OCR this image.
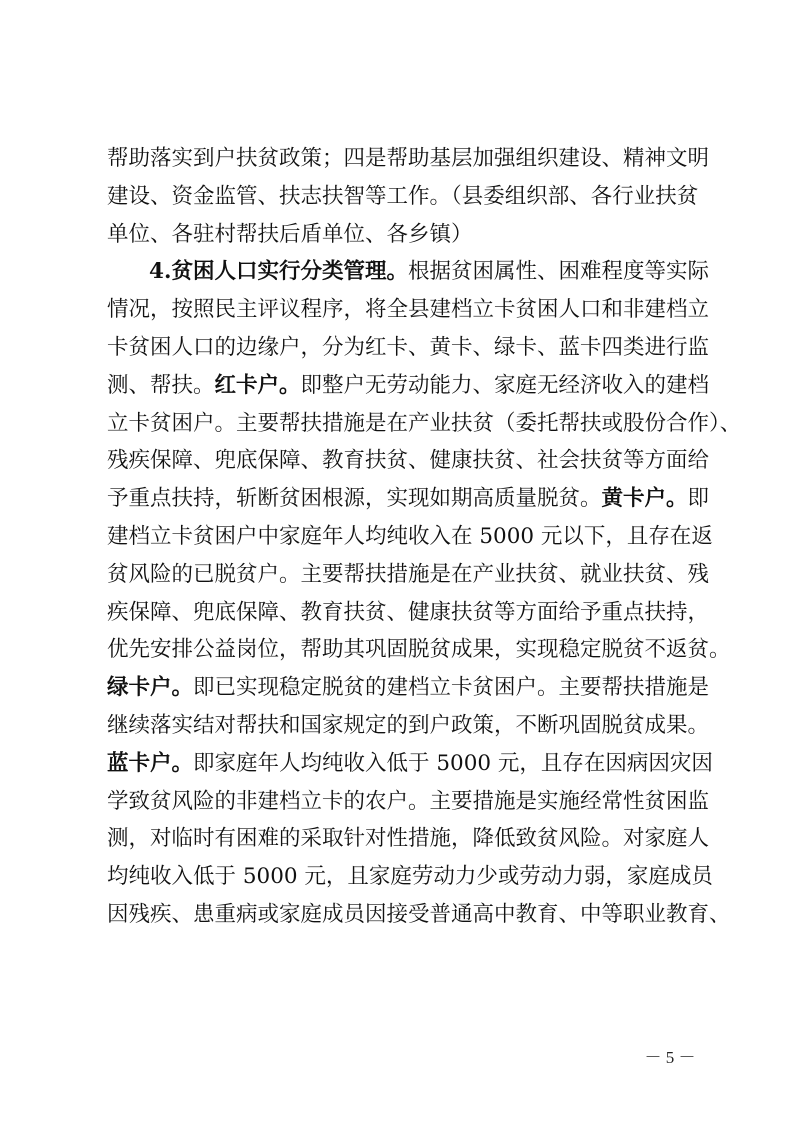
帮助落实到户扶贫政策；四是帮助基层加强组织建设、精神文明
建设、资金监管、扶志扶智等工作。（县委组织部、各行业扶贫
单位、各驻村帮扶后盾单位、各乡镇）
4.贫困人口实行分类管理。根据贫困属性、困难程度等实际
情况，按照民主评议程序，将全县建档立卡贫困人口和非建档立
卡贫困人口的边缘户，分为红卡、黄卡、绿卡、蓝卡四类进行监
测、帮扶。红卡户。即整户无劳动能力、家庭无经济收入的建档
立卡贫困户。主要帮扶措施是在产业扶贫（委托帮扶或股份合作）、
残疾保障、兜底保障、教育扶贫、健康扶贫、社会扶贫等方面给
予重点扶持，斩断贫困根源，实现如期高质量脱贫。黄卡户。即
建档立卡贫困户中家庭年人均纯收入在 5000 元以下，且存在返
贫风险的已脱贫户。主要帮扶措施是在产业扶贫、就业扶贫、残
疾保障、兜底保障、教育扶贫、健康扶贫等方面给予重点扶持，
优先安排公益岗位，帮助其巩固脱贫成果，实现稳定脱贫不返贫。
绿卡户。即已实现稳定脱贫的建档立卡贫困户。主要帮扶措施是
继续落实结对帮扶和国家规定的到户政策，不断巩固脱贫成果。
蓝卡户。即家庭年人均纯收入低于 5000 元，且存在因病因灾因
学致贫风险的非建档立卡的农户。主要措施是实施经常性贫困监
测，对临时有困难的采取针对性措施，降低致贫风险。对家庭人
均纯收入低于 5000 元，且家庭劳动力少或劳动力弱，家庭成员
因残疾、患重病或家庭成员因接受普通高中教育、中等职业教育、
－ 5 －
